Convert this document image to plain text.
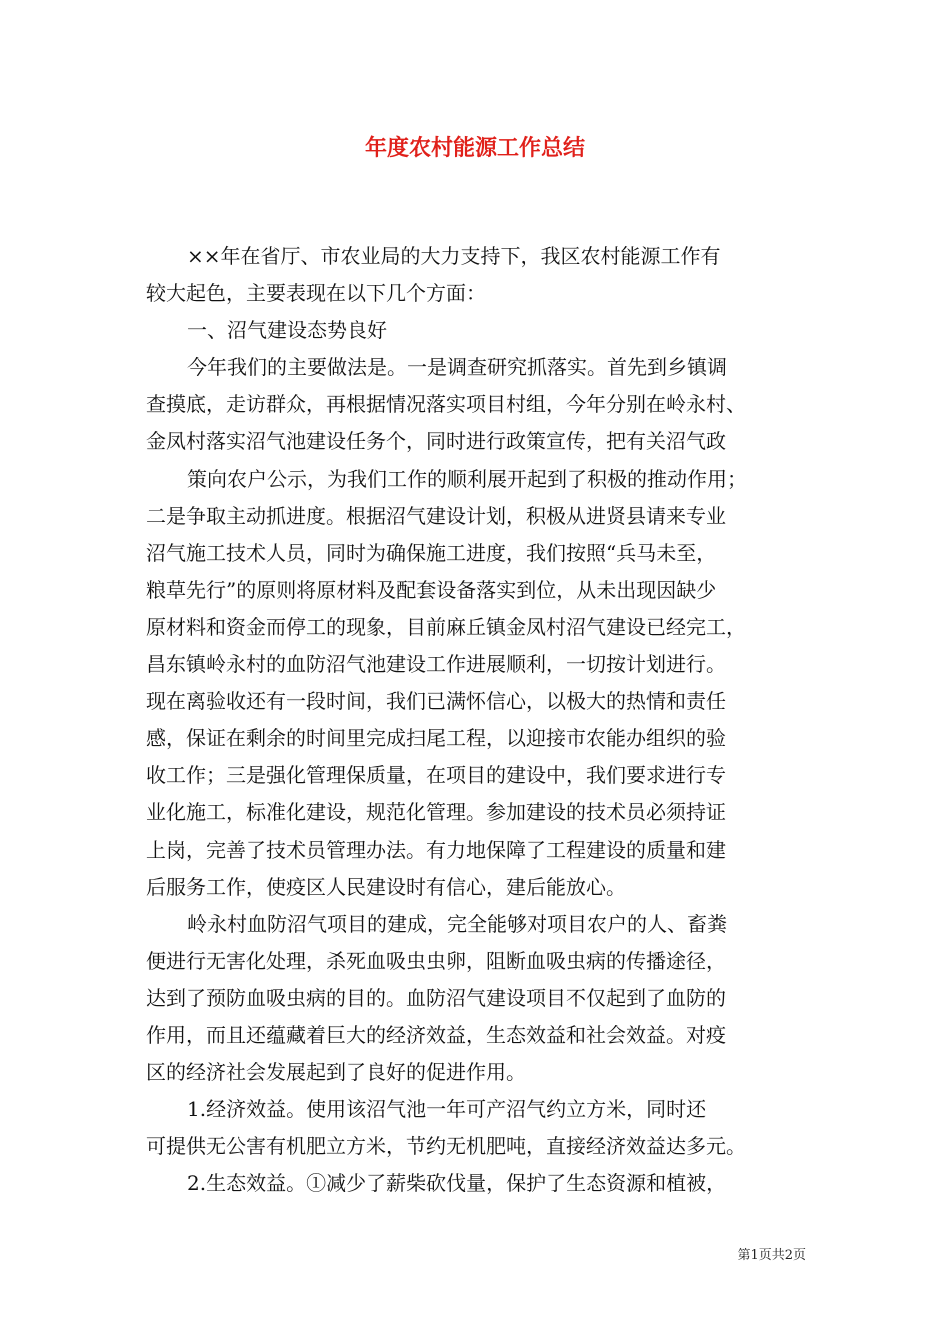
年度农村能源工作总结
××年在省厅、市农业局的大力支持下，我区农村能源工作有
较大起色，主要表现在以下几个方面：
一、沼气建设态势良好
今年我们的主要做法是。一是调查研究抓落实。首先到乡镇调
查摸底，走访群众，再根据情况落实项目村组，今年分别在岭永村、
金凤村落实沼气池建设任务个，同时进行政策宣传，把有关沼气政
策向农户公示，为我们工作的顺利展开起到了积极的推动作用；
二是争取主动抓进度。根据沼气建设计划，积极从进贤县请来专业
沼气施工技术人员，同时为确保施工进度，我们按照“兵马未至，
粮草先行”的原则将原材料及配套设备落实到位，从未出现因缺少
原材料和资金而停工的现象，目前麻丘镇金凤村沼气建设已经完工，
昌东镇岭永村的血防沼气池建设工作进展顺利，一切按计划进行。
现在离验收还有一段时间，我们已满怀信心，以极大的热情和责任
感，保证在剩余的时间里完成扫尾工程，以迎接市农能办组织的验
收工作；三是强化管理保质量，在项目的建设中，我们要求进行专
业化施工，标准化建设，规范化管理。参加建设的技术员必须持证
上岗，完善了技术员管理办法。有力地保障了工程建设的质量和建
后服务工作，使疫区人民建设时有信心，建后能放心。
岭永村血防沼气项目的建成，完全能够对项目农户的人、畜粪
便进行无害化处理，杀死血吸虫虫卵，阻断血吸虫病的传播途径，
达到了预防血吸虫病的目的。血防沼气建设项目不仅起到了血防的
作用，而且还蕴藏着巨大的经济效益，生态效益和社会效益。对疫
区的经济社会发展起到了良好的促进作用。
1.经济效益。使用该沼气池一年可产沼气约立方米，同时还
可提供无公害有机肥立方米，节约无机肥吨，直接经济效益达多元。
2.生态效益。①减少了薪柴砍伐量，保护了生态资源和植被，
第1页共2页
